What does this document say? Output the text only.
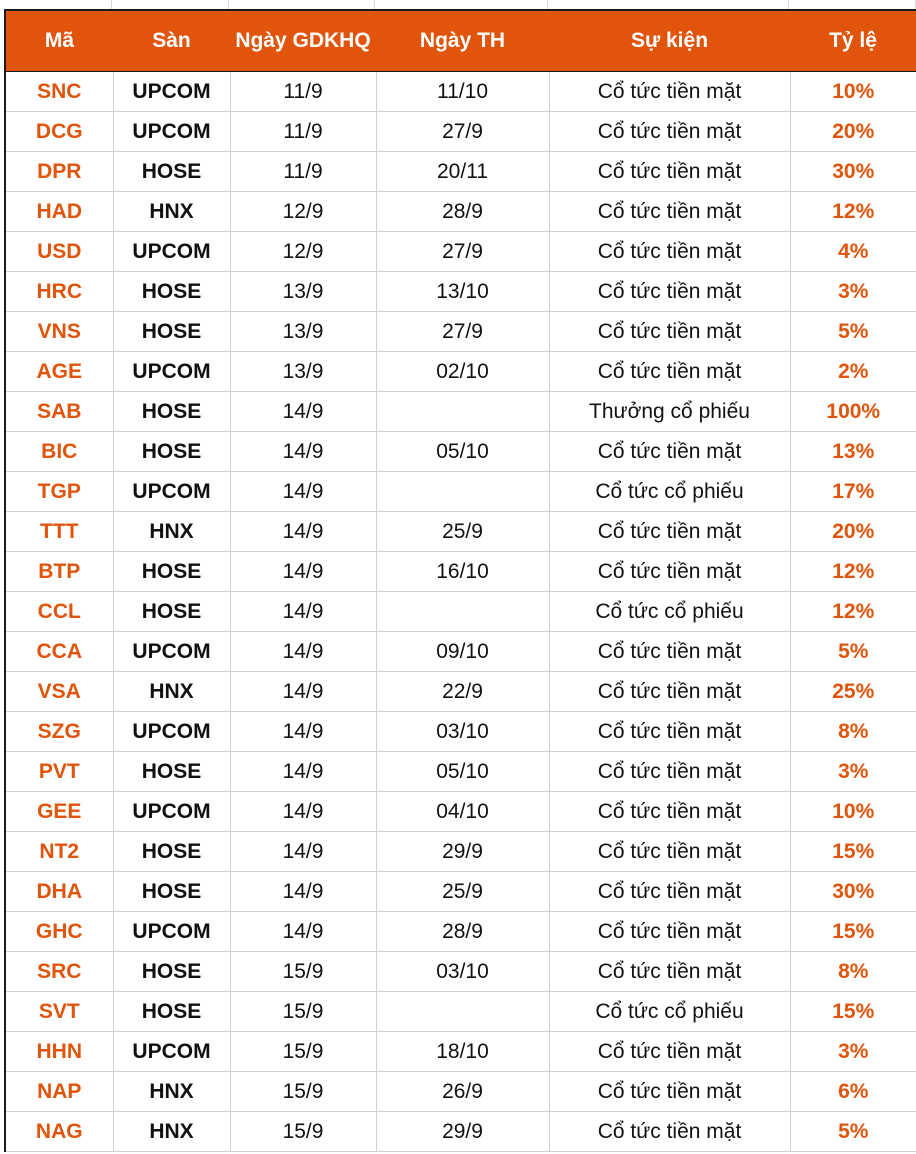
Mã	Sàn	Ngày GDKHQ	Ngày TH	Sự kiện	Tỷ lệ
SNC	UPCOM	11/9	11/10	Cổ tức tiền mặt	10%
DCG	UPCOM	11/9	27/9	Cổ tức tiền mặt	20%
DPR	HOSE	11/9	20/11	Cổ tức tiền mặt	30%
HAD	HNX	12/9	28/9	Cổ tức tiền mặt	12%
USD	UPCOM	12/9	27/9	Cổ tức tiền mặt	4%
HRC	HOSE	13/9	13/10	Cổ tức tiền mặt	3%
VNS	HOSE	13/9	27/9	Cổ tức tiền mặt	5%
AGE	UPCOM	13/9	02/10	Cổ tức tiền mặt	2%
SAB	HOSE	14/9		Thưởng cổ phiếu	100%
BIC	HOSE	14/9	05/10	Cổ tức tiền mặt	13%
TGP	UPCOM	14/9		Cổ tức cổ phiếu	17%
TTT	HNX	14/9	25/9	Cổ tức tiền mặt	20%
BTP	HOSE	14/9	16/10	Cổ tức tiền mặt	12%
CCL	HOSE	14/9		Cổ tức cổ phiếu	12%
CCA	UPCOM	14/9	09/10	Cổ tức tiền mặt	5%
VSA	HNX	14/9	22/9	Cổ tức tiền mặt	25%
SZG	UPCOM	14/9	03/10	Cổ tức tiền mặt	8%
PVT	HOSE	14/9	05/10	Cổ tức tiền mặt	3%
GEE	UPCOM	14/9	04/10	Cổ tức tiền mặt	10%
NT2	HOSE	14/9	29/9	Cổ tức tiền mặt	15%
DHA	HOSE	14/9	25/9	Cổ tức tiền mặt	30%
GHC	UPCOM	14/9	28/9	Cổ tức tiền mặt	15%
SRC	HOSE	15/9	03/10	Cổ tức tiền mặt	8%
SVT	HOSE	15/9		Cổ tức cổ phiếu	15%
HHN	UPCOM	15/9	18/10	Cổ tức tiền mặt	3%
NAP	HNX	15/9	26/9	Cổ tức tiền mặt	6%
NAG	HNX	15/9	29/9	Cổ tức tiền mặt	5%
